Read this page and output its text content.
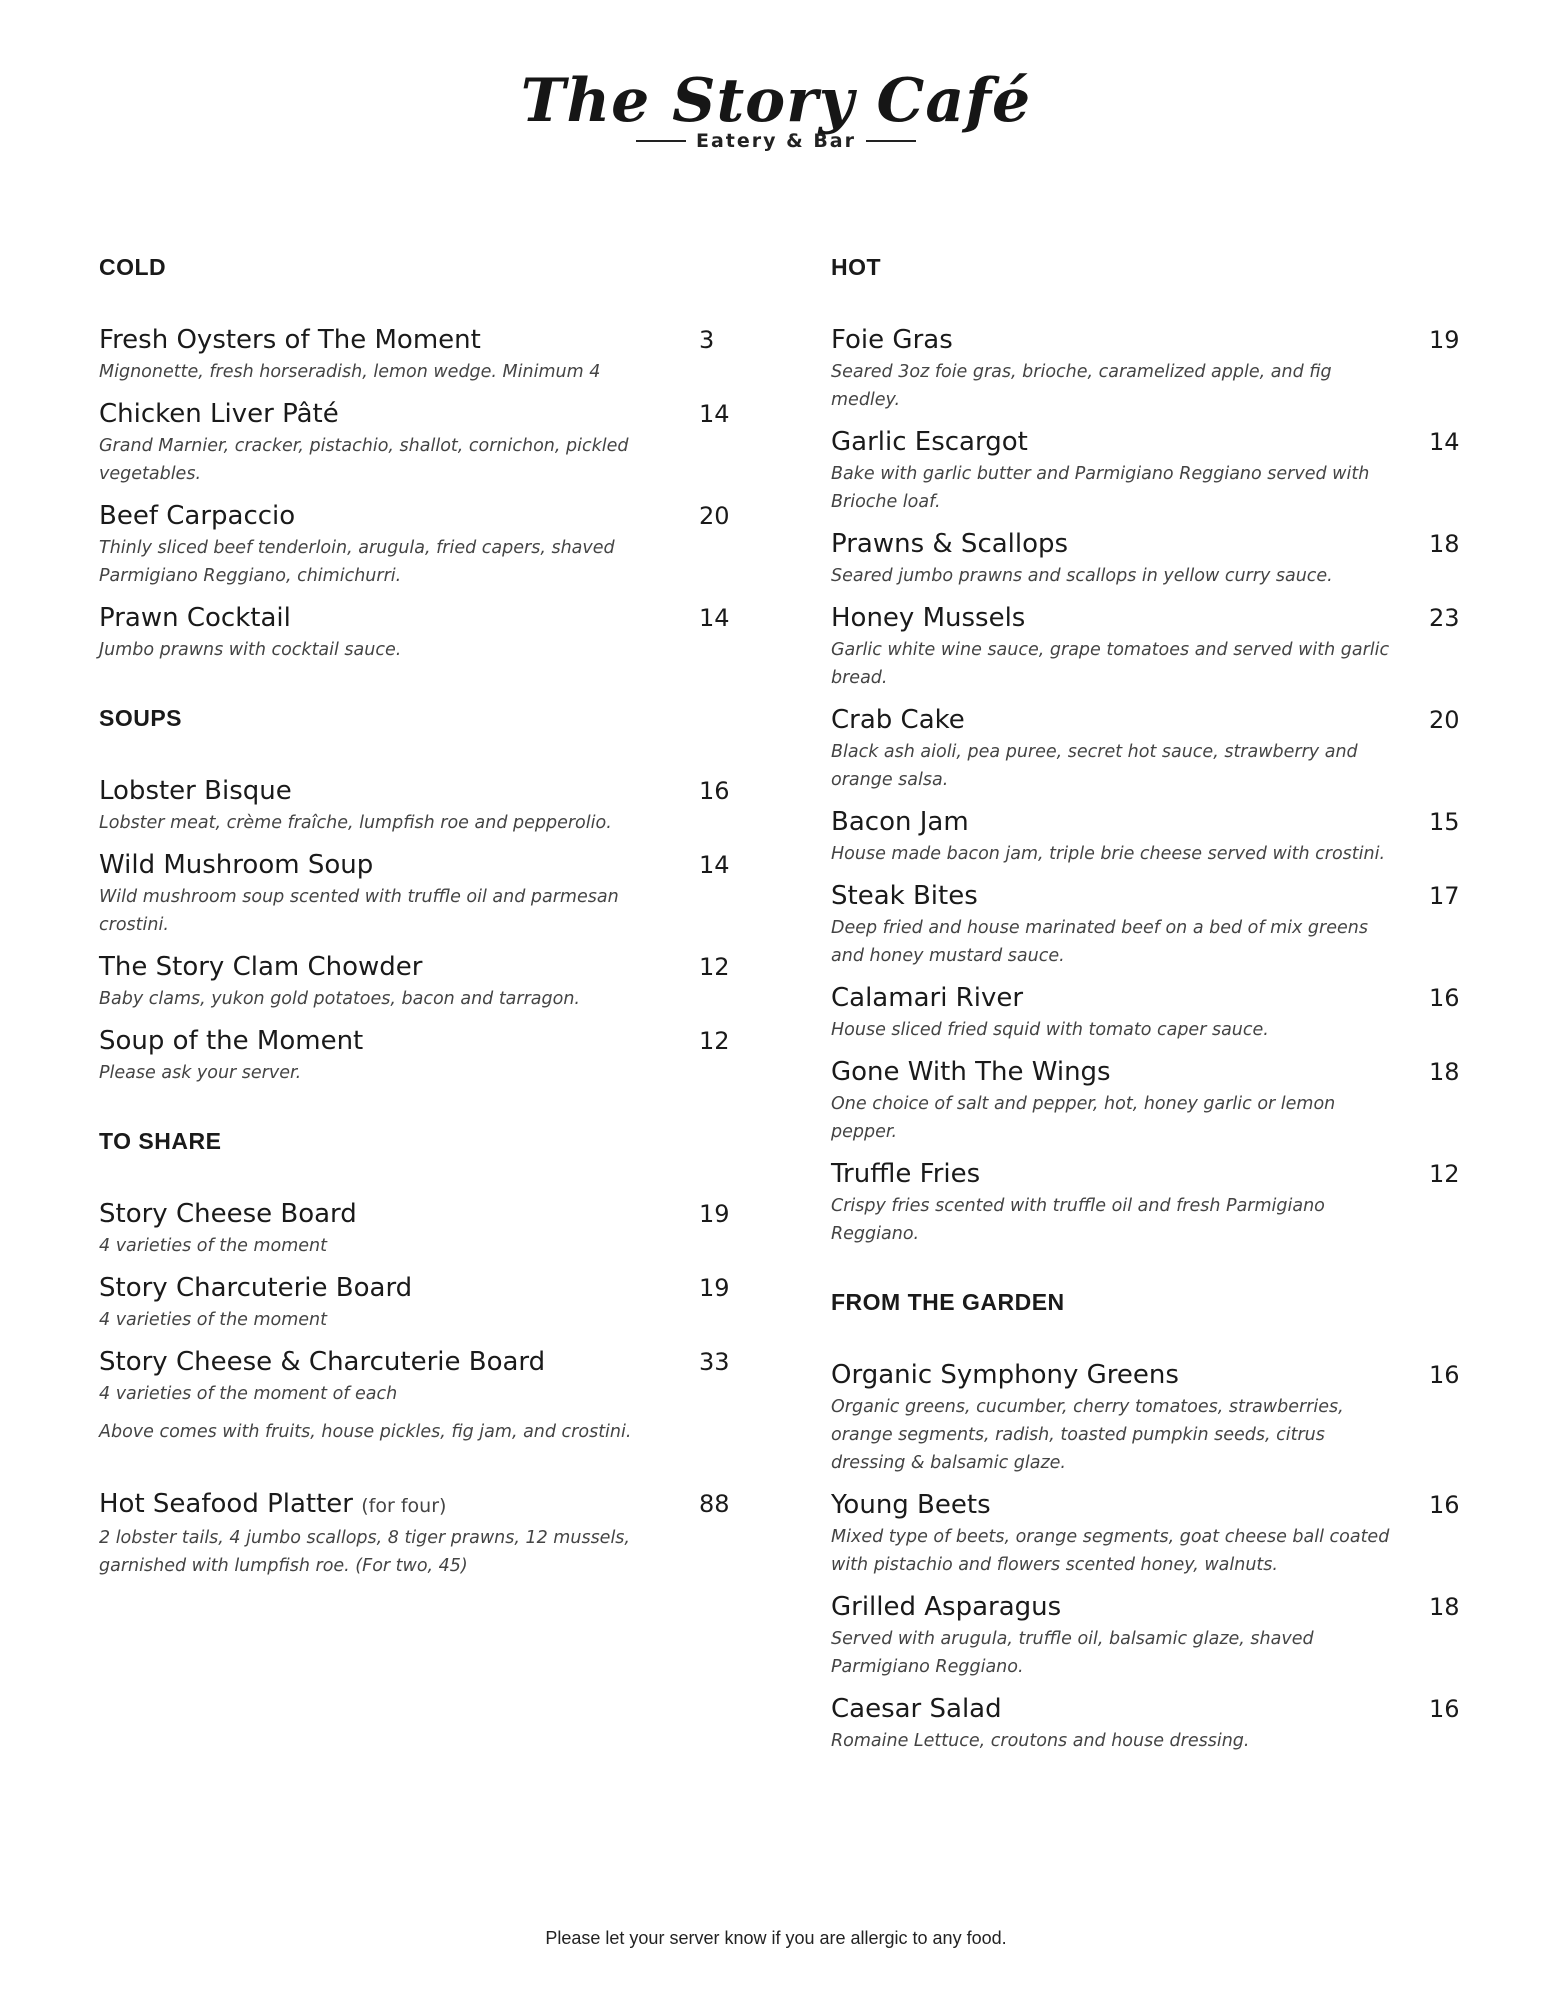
The Story Café
Eatery & Bar
COLD
Fresh Oysters of The Moment	3
Mignonette, fresh horseradish, lemon wedge. Minimum 4
Chicken Liver Pâté	14
Grand Marnier, cracker, pistachio, shallot, cornichon, pickled vegetables.
Beef Carpaccio	20
Thinly sliced beef tenderloin, arugula, fried capers, shaved Parmigiano Reggiano, chimichurri.
Prawn Cocktail	14
Jumbo prawns with cocktail sauce.
SOUPS
Lobster Bisque	16
Lobster meat, crème fraîche, lumpfish roe and pepperolio.
Wild Mushroom Soup	14
Wild mushroom soup scented with truffle oil and parmesan crostini.
The Story Clam Chowder	12
Baby clams, yukon gold potatoes, bacon and tarragon.
Soup of the Moment	12
Please ask your server.
TO SHARE
Story Cheese Board	19
4 varieties of the moment
Story Charcuterie Board	19
4 varieties of the moment
Story Cheese & Charcuterie Board	33
4 varieties of the moment of each
Above comes with fruits, house pickles, fig jam, and crostini.
Hot Seafood Platter (for four)	88
2 lobster tails, 4 jumbo scallops, 8 tiger prawns, 12 mussels, garnished with lumpfish roe. (For two, 45)
HOT
Foie Gras	19
Seared 3oz foie gras, brioche, caramelized apple, and fig medley.
Garlic Escargot	14
Bake with garlic butter and Parmigiano Reggiano served with Brioche loaf.
Prawns & Scallops	18
Seared jumbo prawns and scallops in yellow curry sauce.
Honey Mussels	23
Garlic white wine sauce, grape tomatoes and served with garlic bread.
Crab Cake	20
Black ash aioli, pea puree, secret hot sauce, strawberry and orange salsa.
Bacon Jam	15
House made bacon jam, triple brie cheese served with crostini.
Steak Bites	17
Deep fried and house marinated beef on a bed of mix greens and honey mustard sauce.
Calamari River	16
House sliced fried squid with tomato caper sauce.
Gone With The Wings	18
One choice of salt and pepper, hot, honey garlic or lemon pepper.
Truffle Fries	12
Crispy fries scented with truffle oil and fresh Parmigiano Reggiano.
FROM THE GARDEN
Organic Symphony Greens	16
Organic greens, cucumber, cherry tomatoes, strawberries, orange segments, radish, toasted pumpkin seeds, citrus dressing & balsamic glaze.
Young Beets	16
Mixed type of beets, orange segments, goat cheese ball coated with pistachio and flowers scented honey, walnuts.
Grilled Asparagus	18
Served with arugula, truffle oil, balsamic glaze, shaved Parmigiano Reggiano.
Caesar Salad	16
Romaine Lettuce, croutons and house dressing.
Please let your server know if you are allergic to any food.
